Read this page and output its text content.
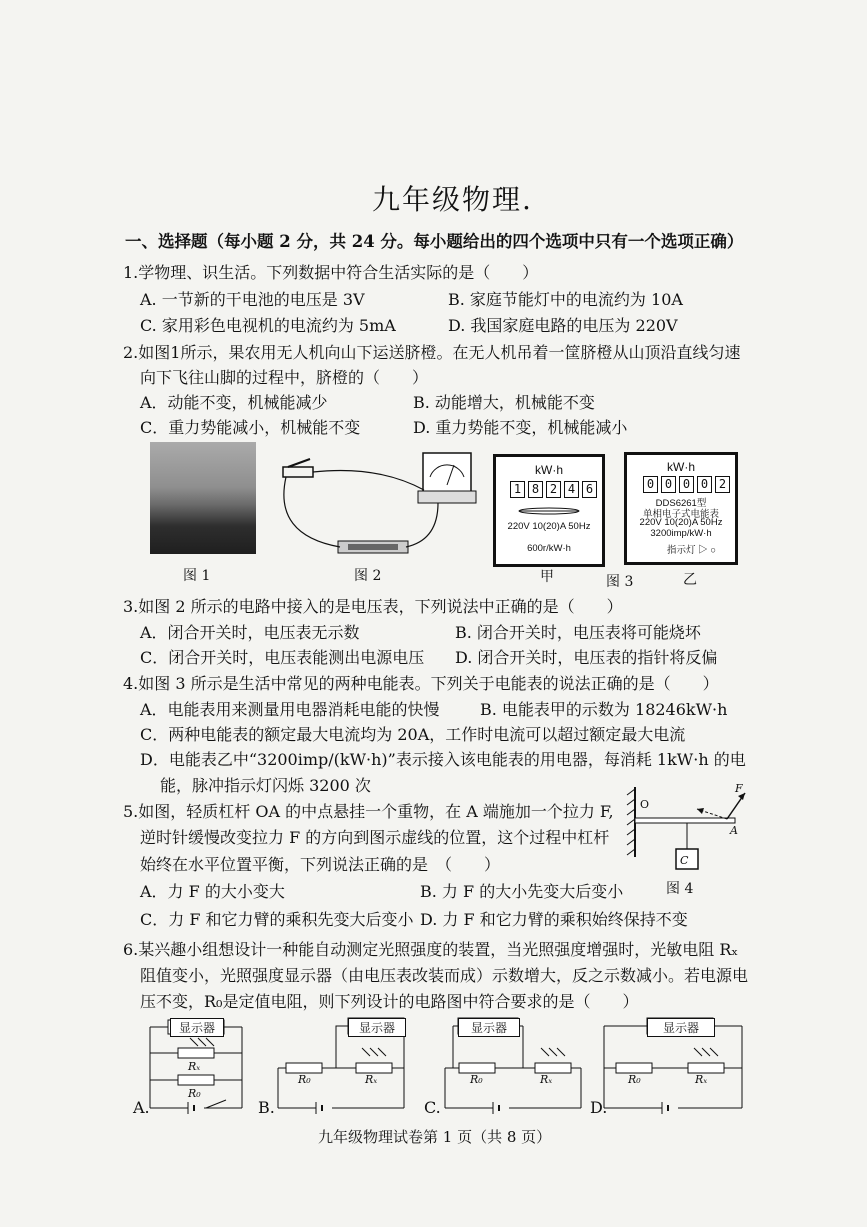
九年级物理.
一、选择题（每小题 2 分，共 24 分。每小题给出的四个选项中只有一个选项正确）
1.学物理、识生活。下列数据中符合生活实际的是（　　）
A. 一节新的干电池的电压是 3V	B. 家庭节能灯中的电流约为 10A
C. 家用彩色电视机的电流约为 5mA	D. 我国家庭电路的电压为 220V
2.如图1所示，果农用无人机向山下运送脐橙。在无人机吊着一筐脐橙从山顶沿直线匀速
向下飞往山脚的过程中，脐橙的（　　）
A．动能不变，机械能减少	B. 动能增大，机械能不变
C．重力势能减小，机械能不变	D. 重力势能不变，机械能减小
图 1	图 2
kW·h
1 8 2 4 6
220V 10(20)A 50Hz
600r/kW·h
甲
kW·h
0 0 0 0 2
DDS6261型
单相电子式电能表
220V 10(20)A 50Hz
3200imp/kW·h
指示灯 ▷ ○
图 3	乙
3.如图 2 所示的电路中接入的是电压表，下列说法中正确的是（　　）
A．闭合开关时，电压表无示数	B. 闭合开关时，电压表将可能烧坏
C．闭合开关时，电压表能测出电源电压 D. 闭合开关时，电压表的指针将反偏
4.如图 3 所示是生活中常见的两种电能表。下列关于电能表的说法正确的是（　　）
A．电能表用来测量用电器消耗电能的快慢	B. 电能表甲的示数为 18246kW·h
C．两种电能表的额定最大电流均为 20A，工作时电流可以超过额定最大电流
D．电能表乙中“3200imp/(kW·h)”表示接入该电能表的用电器，每消耗 1kW·h 的电
能，脉冲指示灯闪烁 3200 次
5.如图，轻质杠杆 OA 的中点悬挂一个重物，在 A 端施加一个拉力 F,
逆时针缓慢改变拉力 F 的方向到图示虚线的位置，这个过程中杠杆
始终在水平位置平衡，下列说法正确的是　（　　）
A．力 F 的大小变大	B. 力 F 的大小先变大后变小
C．力 F 和它力臂的乘积先变大后变小 D. 力 F 和它力臂的乘积始终保持不变
O
A
F
C
图 4
6.某兴趣小组想设计一种能自动测定光照强度的装置，当光照强度增强时，光敏电阻 Rₓ
阻值变小，光照强度显示器（由电压表改装而成）示数增大，反之示数减小。若电源电
压不变，R₀是定值电阻，则下列设计的电路图中符合要求的是（　　）
显示器
Rₓ
R₀
A.
显示器
R₀	Rₓ
B.
显示器
R₀	Rₓ
C.
显示器
R₀	Rₓ
D.
九年级物理试卷第 1 页（共 8 页）
